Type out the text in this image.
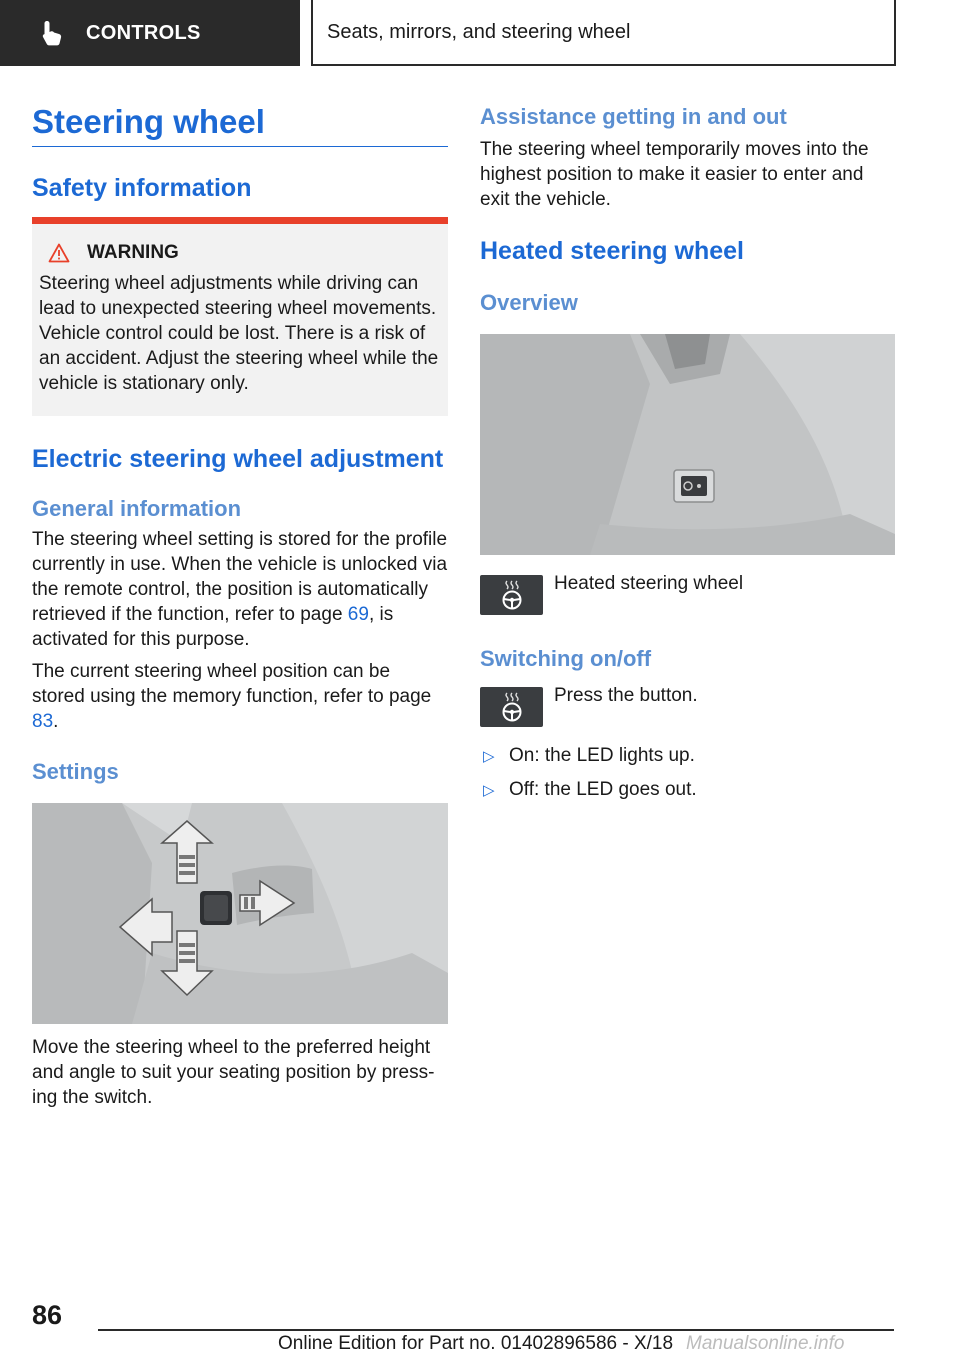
CONTROLS	Seats, mirrors, and steering wheel
Steering wheel
Safety information
WARNING
Steering wheel adjustments while driving can lead to unexpected steering wheel movements. Vehicle control could be lost. There is a risk of an accident. Adjust the steering wheel while the vehicle is stationary only.
Electric steering wheel adjustment
General information
The steering wheel setting is stored for the profile currently in use. When the vehicle is unlocked via the remote control, the position is automatically retrieved if the function, refer to page 69, is activated for this purpose.
The current steering wheel position can be stored using the memory function, refer to page 83.
Settings
Move the steering wheel to the preferred height and angle to suit your seating position by pressing the switch.
Assistance getting in and out
The steering wheel temporarily moves into the highest position to make it easier to enter and exit the vehicle.
Heated steering wheel
Overview
Heated steering wheel
Switching on/off
Press the button.
▷ On: the LED lights up.
▷ Off: the LED goes out.
86
Online Edition for Part no. 01402896586 - X/18 Manualsonline.info
